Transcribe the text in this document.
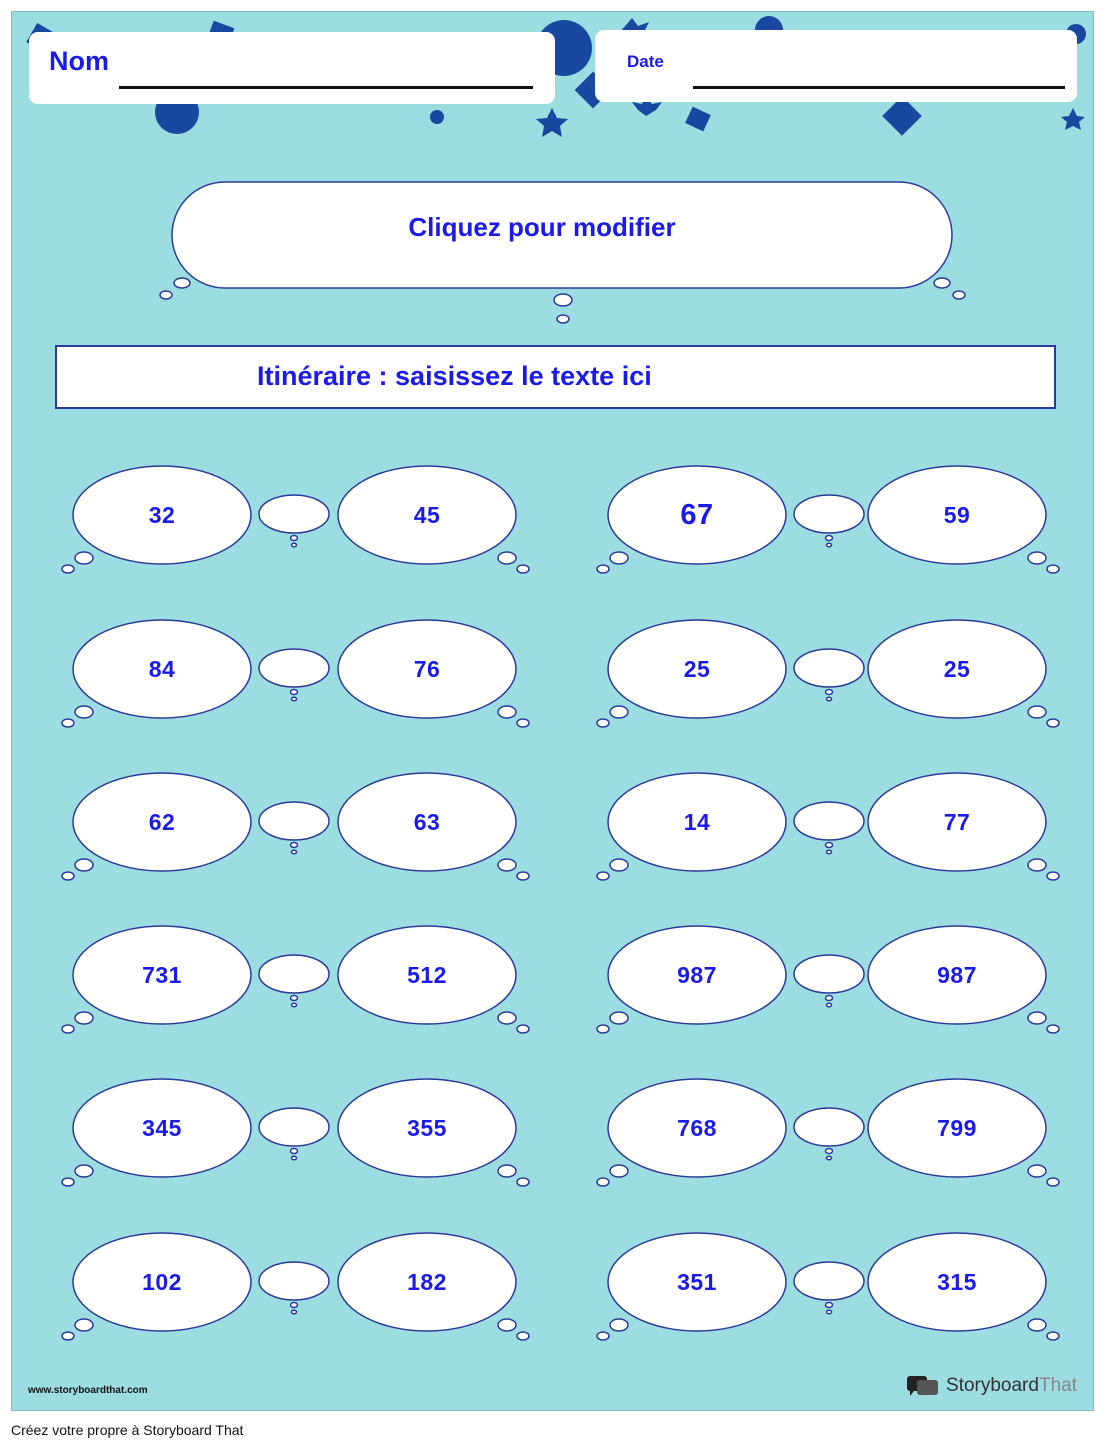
Nom	Date
Cliquez pour modifier
Itinéraire : saisissez le texte ici
32	45	67	59
84	76	25	25
62	63	14	77
731	512	987	987
345	355	768	799
102	182	351	315
www.storyboardthat.com	StoryboardThat
Créez votre propre à Storyboard That
